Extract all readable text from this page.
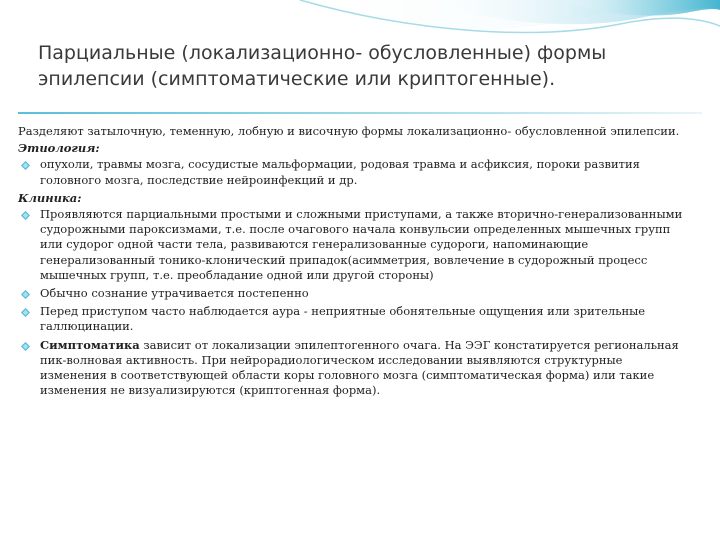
Парциальные (локализационно- обусловленные) формы
эпилепсии (симптоматические или криптогенные).

Разделяют затылочную, теменную, лобную и височную формы локализационно- обусловленной эпилепсии.

Этиология:

опухоли, травмы мозга, сосудистые мальформации, родовая травма и асфиксия, пороки развития головного мозга, последствие нейроинфекций и др.

Клиника:

Проявляются парциальными простыми и сложными приступами, а также вторично-генерализованными судорожными пароксизмами, т.е. после очагового начала конвульсии определенных мышечных групп или судорог одной части тела, развиваются генерализованные судороги, напоминающие генерализованный тонико-клонический припадок(асимметрия, вовлечение в судорожный процесс мышечных групп, т.е. преобладание одной или другой стороны)
Обычно сознание утрачивается постепенно
Перед приступом часто наблюдается аура - неприятные обонятельные ощущения или зрительные галлюцинации.
Симптоматика зависит от локализации эпилептогенного очага. На ЭЭГ констатируется региональная пик-волновая активность. При нейрорадиологическом исследовании выявляются структурные изменения в соответствующей области коры головного мозга (симптоматическая форма) или такие изменения не визуализируются (криптогенная форма).
